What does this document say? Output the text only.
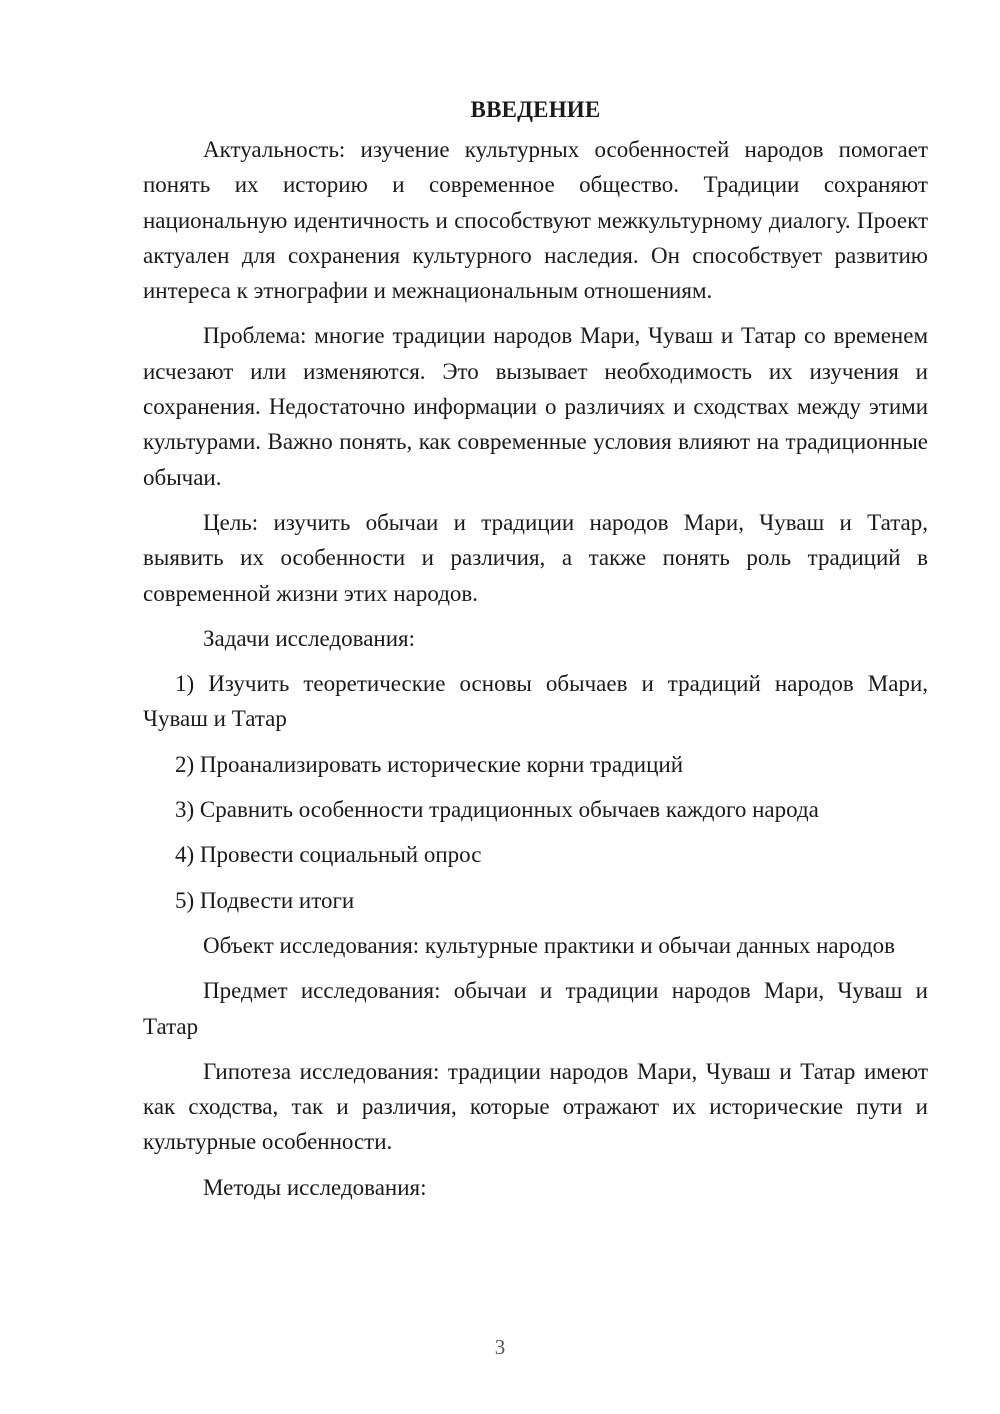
ВВЕДЕНИЕ

Актуальность: изучение культурных особенностей народов помогает понять их историю и современное общество. Традиции сохраняют национальную идентичность и способствуют межкультурному диалогу. Проект актуален для сохранения культурного наследия. Он способствует развитию интереса к этнографии и межнациональным отношениям.

Проблема: многие традиции народов Мари, Чуваш и Татар со временем исчезают или изменяются. Это вызывает необходимость их изучения и сохранения. Недостаточно информации о различиях и сходствах между этими культурами. Важно понять, как современные условия влияют на традиционные обычаи.

Цель: изучить обычаи и традиции народов Мари, Чуваш и Татар, выявить их особенности и различия, а также понять роль традиций в современной жизни этих народов.

Задачи исследования:

1) Изучить теоретические основы обычаев и традиций народов Мари, Чуваш и Татар

2) Проанализировать исторические корни традиций

3) Сравнить особенности традиционных обычаев каждого народа

4) Провести социальный опрос

5) Подвести итоги

Объект исследования: культурные практики и обычаи данных народов

Предмет исследования: обычаи и традиции народов Мари, Чуваш и Татар

Гипотеза исследования: традиции народов Мари, Чуваш и Татар имеют как сходства, так и различия, которые отражают их исторические пути и культурные особенности.

Методы исследования:

3
